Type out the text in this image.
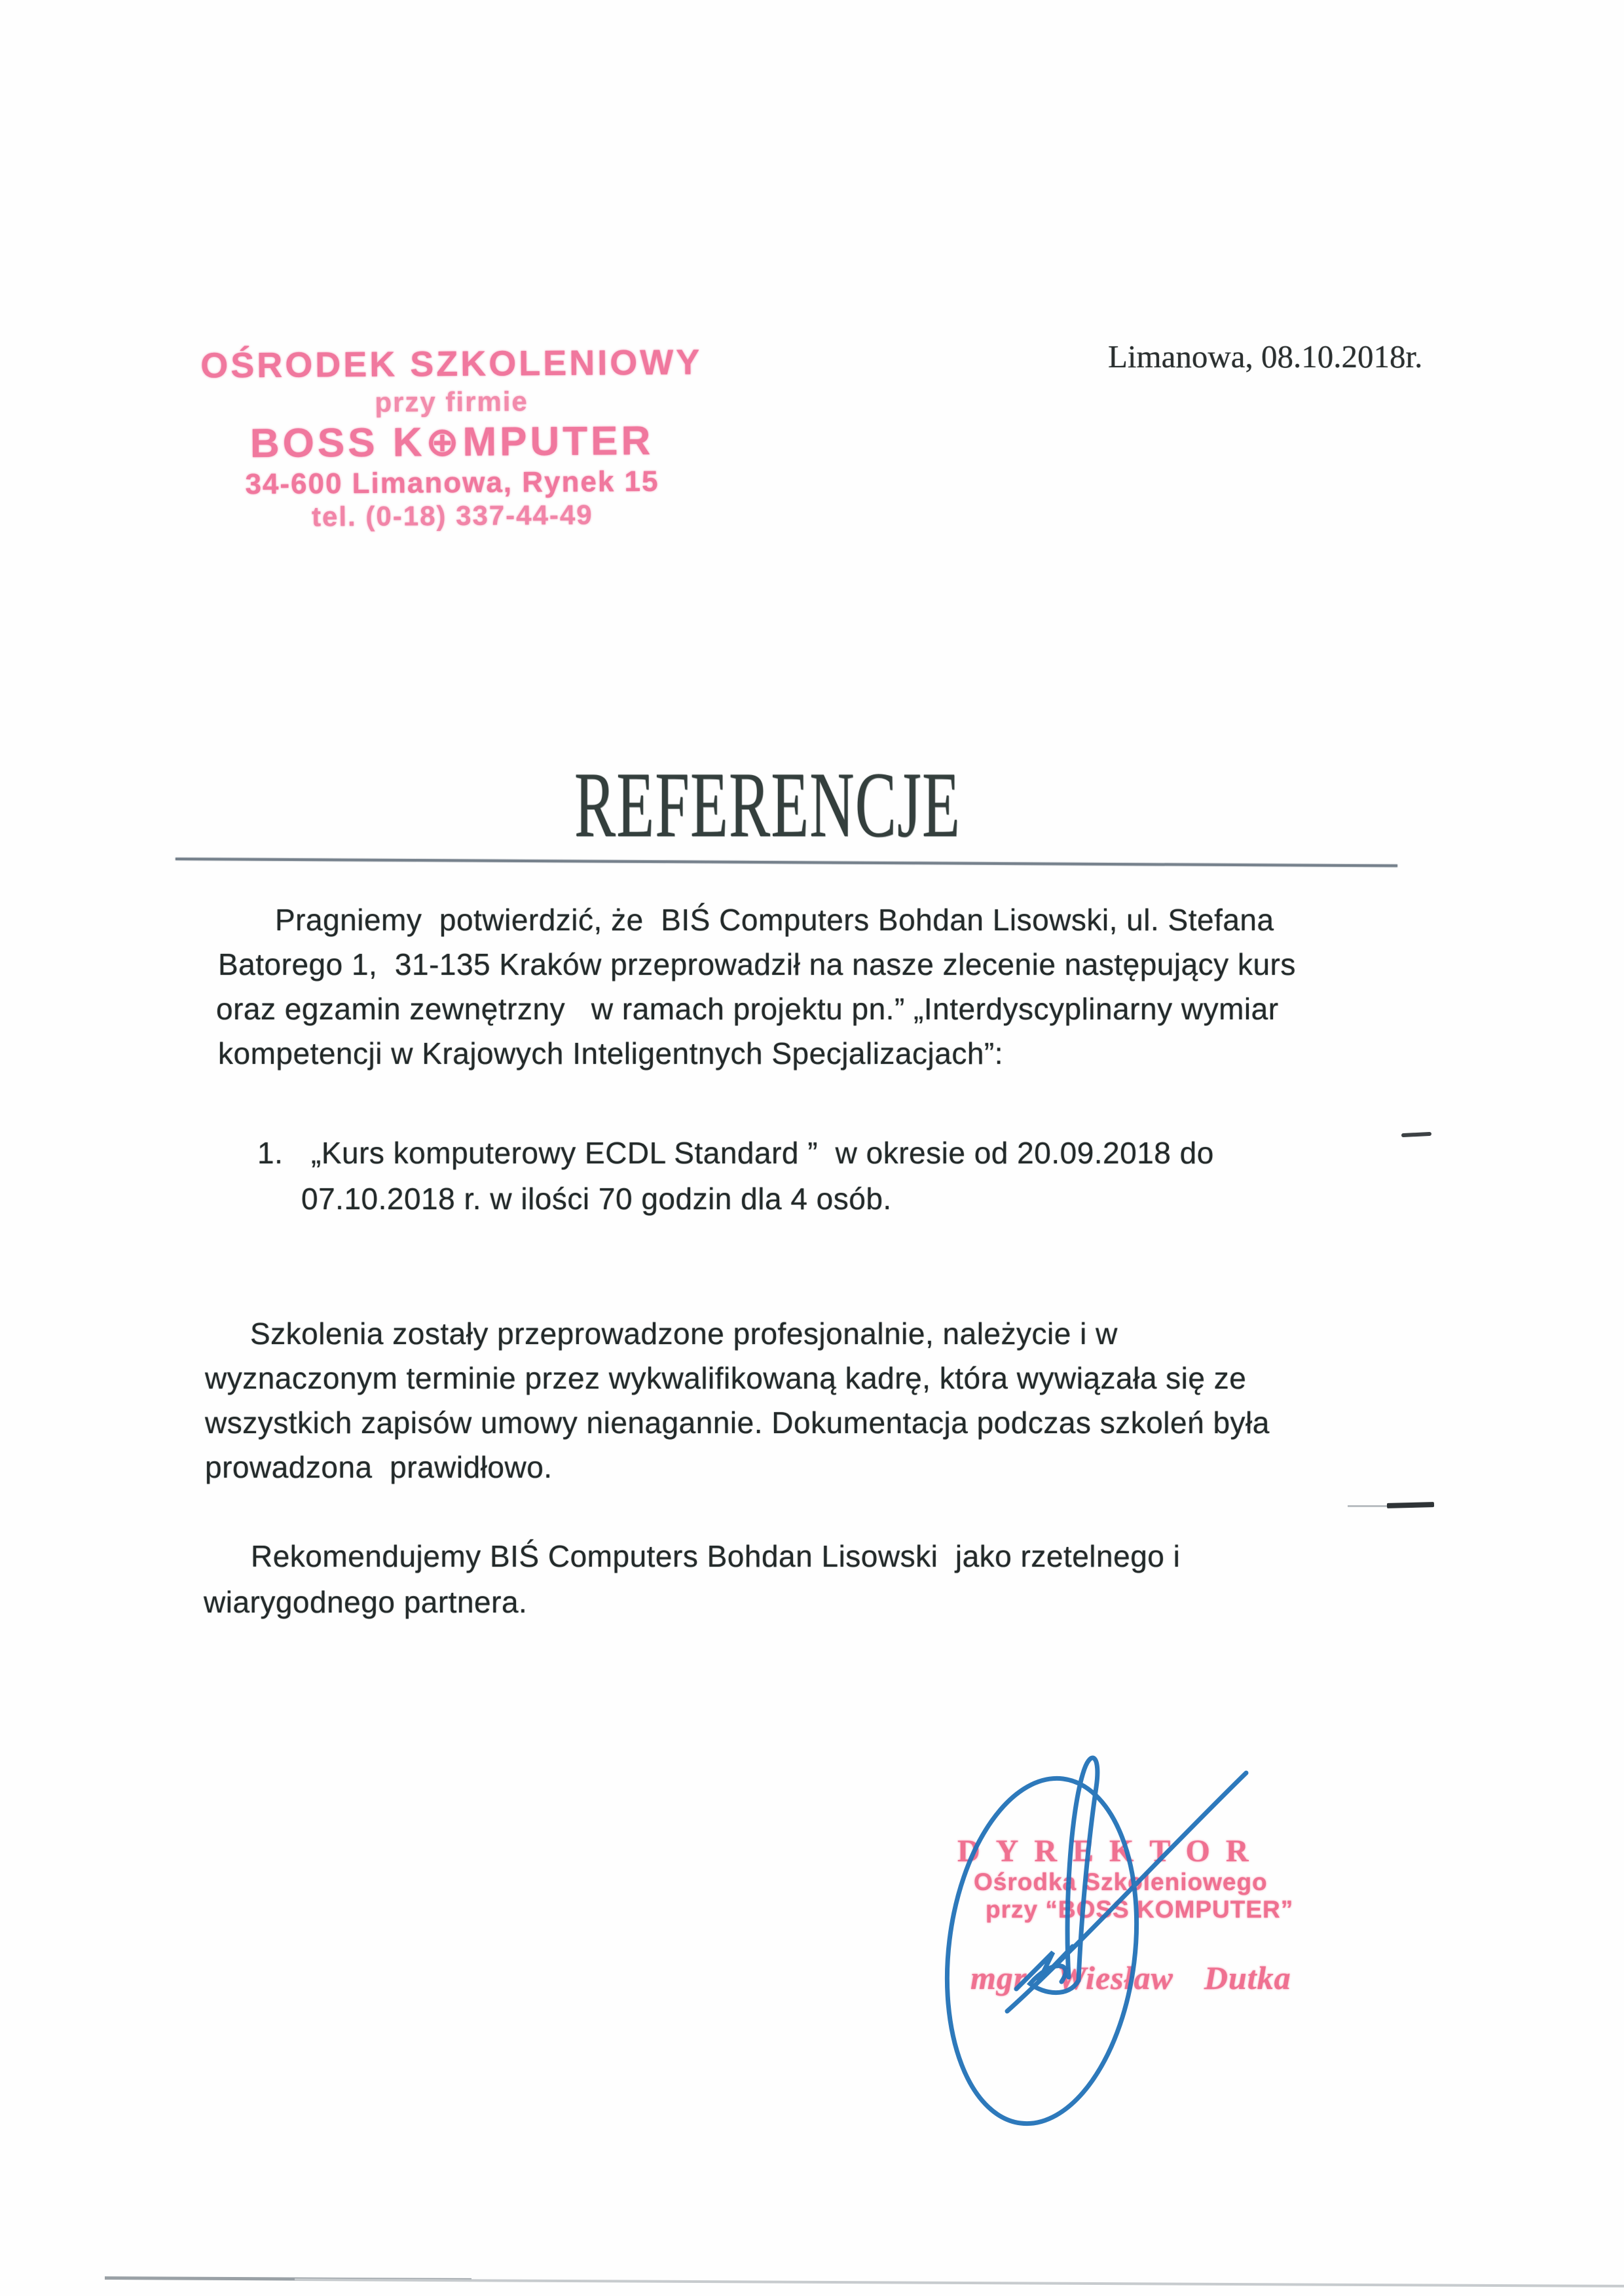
OŚRODEK SZKOLENIOWY
przy firmie
BOSS K⊕MPUTER
34-600 Limanowa, Rynek 15
tel. (0-18) 337-44-49
Limanowa, 08.10.2018r.
REFERENCJE
Pragniemy  potwierdzić, że  BIŚ Computers Bohdan Lisowski, ul. Stefana
Batorego 1,  31-135 Kraków przeprowadził na nasze zlecenie następujący kurs
oraz egzamin zewnętrzny   w ramach projektu pn.” „Interdyscyplinarny wymiar
kompetencji w Krajowych Inteligentnych Specjalizacjach”:
1. „Kurs komputerowy ECDL Standard ”  w okresie od 20.09.2018 do
07.10.2018 r. w ilości 70 godzin dla 4 osób.
Szkolenia zostały przeprowadzone profesjonalnie, należycie i w
wyznaczonym terminie przez wykwalifikowaną kadrę, która wywiązała się ze
wszystkich zapisów umowy nienagannie. Dokumentacja podczas szkoleń była
prowadzona  prawidłowo.
Rekomendujemy BIŚ Computers Bohdan Lisowski  jako rzetelnego i
wiarygodnego partnera.
DYREKTOR
Ośrodka Szkoleniowego
przy “BOSS KOMPUTER”
mgr  Wiesław  Dutka
